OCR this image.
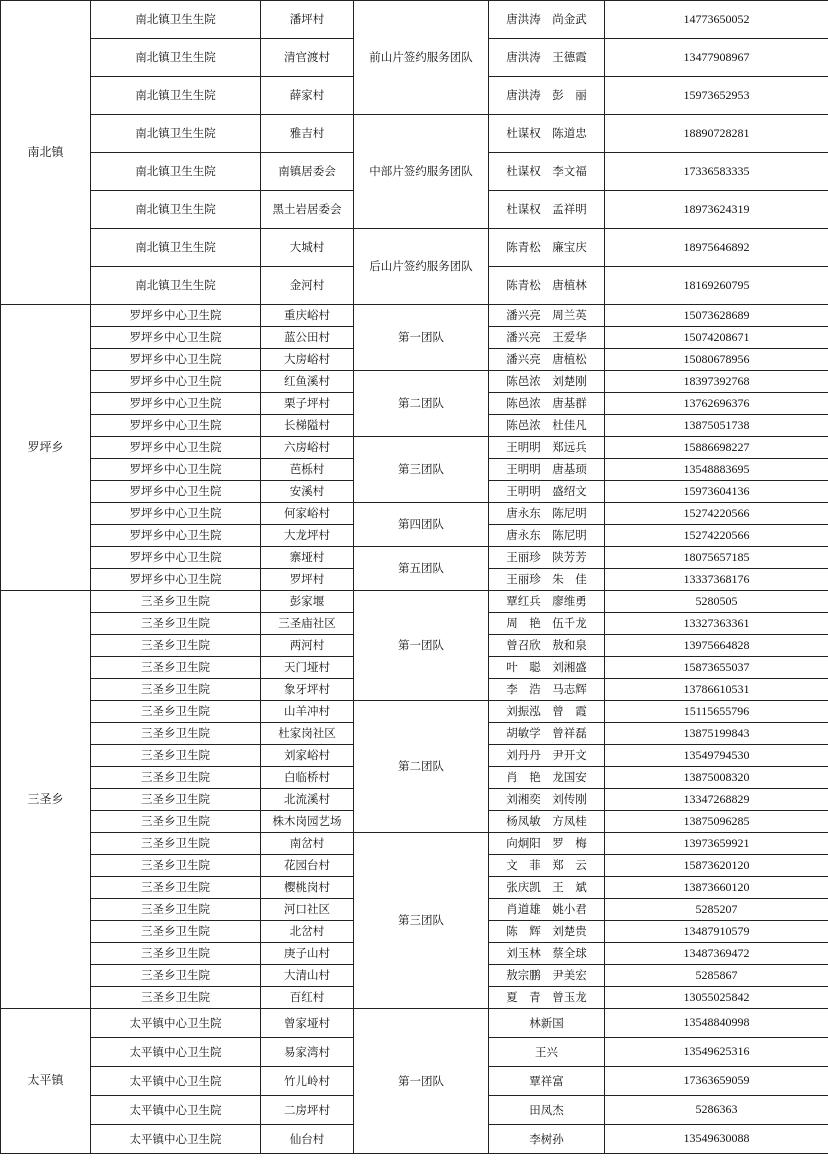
南北镇	南北镇卫生生院	潘坪村	前山片签约服务团队	唐洪涛　尚金武	14773650052
	南北镇卫生生院	清官渡村		唐洪涛　王德霞	13477908967
	南北镇卫生生院	薛家村		唐洪涛　彭　丽	15973652953
	南北镇卫生生院	雅吉村	中部片签约服务团队	杜谋权　陈道忠	18890728281
	南北镇卫生生院	南镇居委会		杜谋权　李文福	17336583335
	南北镇卫生生院	黑土岩居委会		杜谋权　孟祥明	18973624319
	南北镇卫生生院	大城村	后山片签约服务团队	陈青松　廉宝庆	18975646892
	南北镇卫生生院	金河村		陈青松　唐植林	18169260795
罗坪乡	罗坪乡中心卫生院	重庆峪村	第一团队	潘兴亮　周兰英	15073628689
	罗坪乡中心卫生院	蓝公田村		潘兴亮　王爱华	15074208671
	罗坪乡中心卫生院	大房峪村		潘兴亮　唐植松	15080678956
	罗坪乡中心卫生院	红鱼溪村	第二团队	陈邑浓　刘楚刚	18397392768
	罗坪乡中心卫生院	栗子坪村		陈邑浓　唐基群	13762696376
	罗坪乡中心卫生院	长梯隘村		陈邑浓　杜佳凡	13875051738
	罗坪乡中心卫生院	六房峪村	第三团队	王明明　郑远兵	15886698227
	罗坪乡中心卫生院	芭栎村		王明明　唐基顼	13548883695
	罗坪乡中心卫生院	安溪村		王明明　盛绍文	15973604136
	罗坪乡中心卫生院	何家峪村	第四团队	唐永东　陈尼明	15274220566
	罗坪乡中心卫生院	大龙坪村		唐永东　陈尼明	15274220566
	罗坪乡中心卫生院	寨垭村	第五团队	王丽珍　陕芳芳	18075657185
	罗坪乡中心卫生院	罗坪村		王丽珍　朱　佳	13337368176
三圣乡	三圣乡卫生院	彭家堰	第一团队	覃红兵　廖维勇	5280505
	三圣乡卫生院	三圣庙社区		周　艳　伍千龙	13327363361
	三圣乡卫生院	两河村		曾召欣　敖和泉	13975664828
	三圣乡卫生院	天门垭村		叶　聪　刘湘盛	15873655037
	三圣乡卫生院	象牙坪村		李　浩　马志辉	13786610531
	三圣乡卫生院	山羊冲村	第二团队	刘振泓　曾　霞	15115655796
	三圣乡卫生院	杜家岗社区		胡敏学　曾祥磊	13875199843
	三圣乡卫生院	刘家峪村		刘丹丹　尹开文	13549794530
	三圣乡卫生院	白临桥村		肖　艳　龙国安	13875008320
	三圣乡卫生院	北流溪村		刘湘奕　刘传刚	13347268829
	三圣乡卫生院	株木岗园艺场		杨凤敏　方凤桂	13875096285
	三圣乡卫生院	南岔村	第三团队	向炯阳　罗　梅	13973659921
	三圣乡卫生院	花园台村		文　菲　郑　云	15873620120
	三圣乡卫生院	樱桃岗村		张庆凯　王　斌	13873660120
	三圣乡卫生院	河口社区		肖道雄　姚小君	5285207
	三圣乡卫生院	北岔村		陈　辉　刘楚贵	13487910579
	三圣乡卫生院	庚子山村		刘玉林　蔡全球	13487369472
	三圣乡卫生院	大清山村		敖宗鹏　尹美宏	5285867
	三圣乡卫生院	百红村		夏　青　曾玉龙	13055025842
太平镇	太平镇中心卫生院	曾家垭村	第一团队	林新国	13548840998
	太平镇中心卫生院	易家湾村		王兴	13549625316
	太平镇中心卫生院	竹儿岭村		覃祥富	17363659059
	太平镇中心卫生院	二房坪村		田凤杰	5286363
	太平镇中心卫生院	仙台村		李树孙	13549630088
